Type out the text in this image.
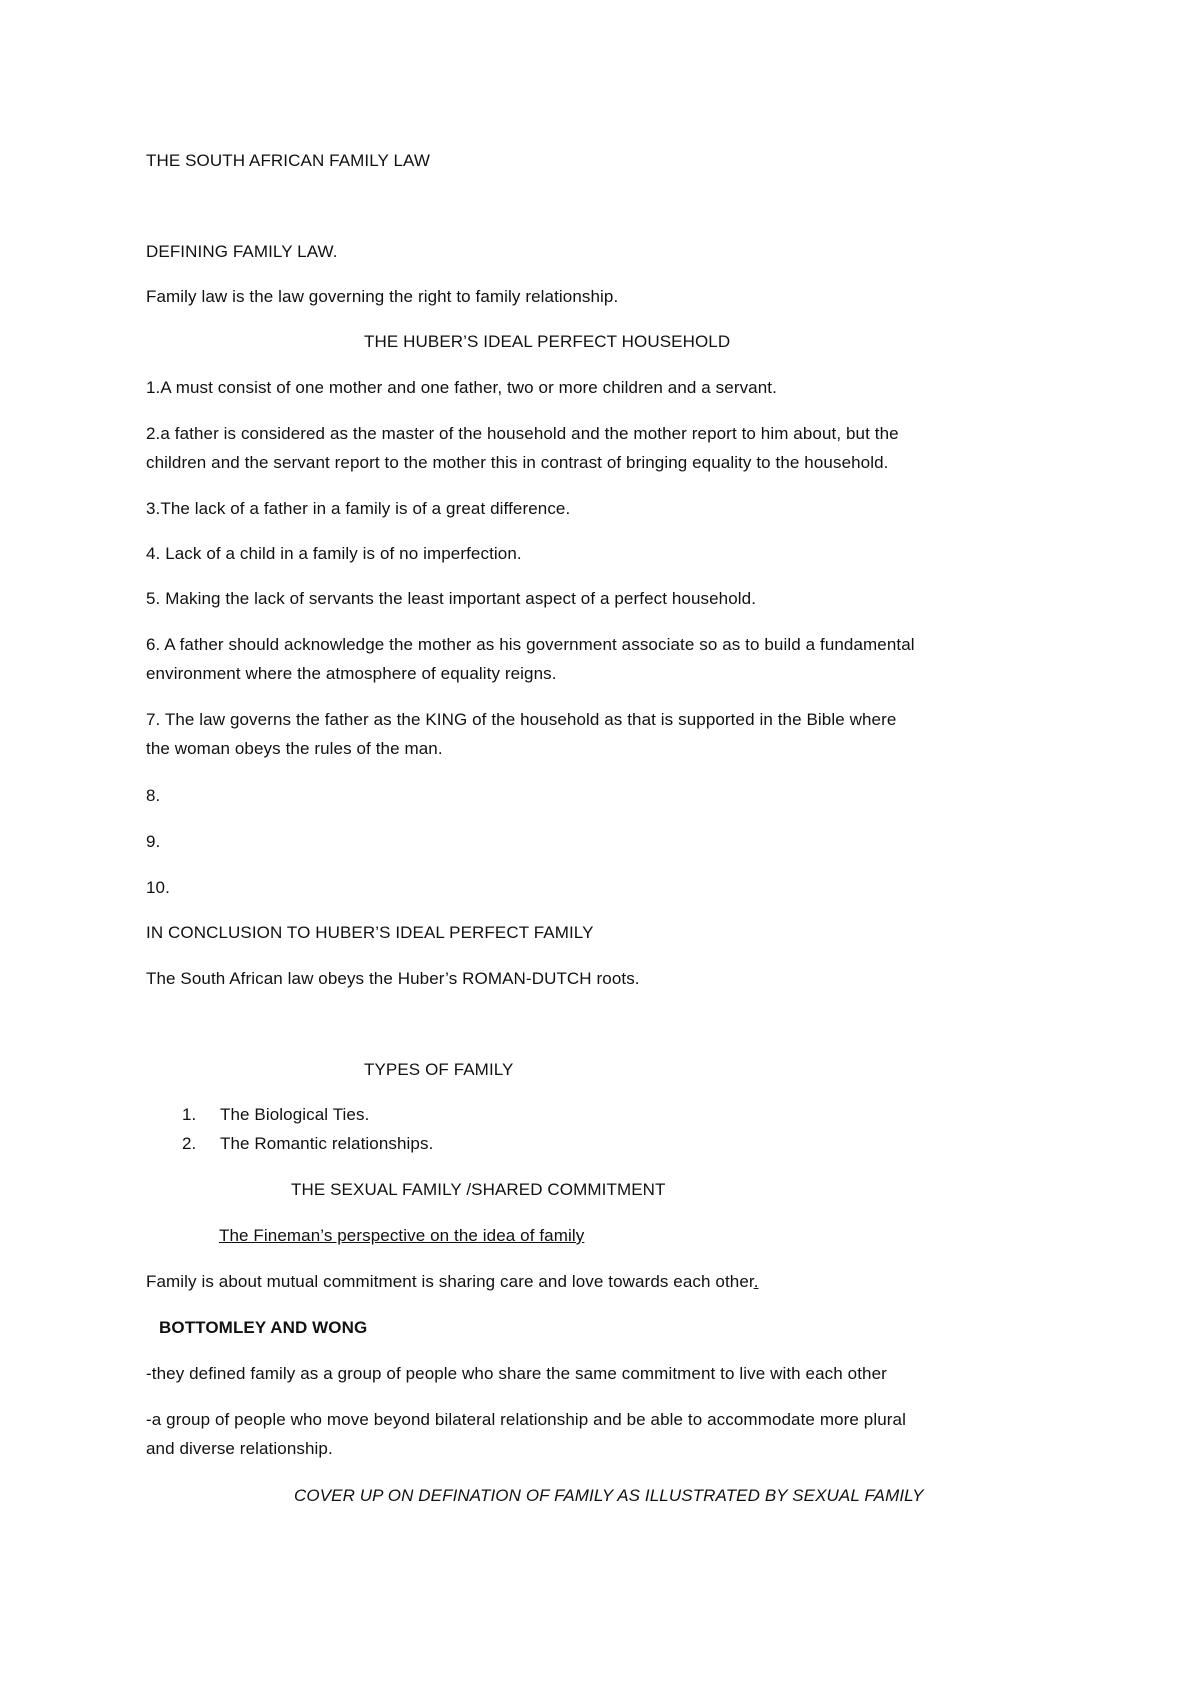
THE SOUTH AFRICAN FAMILY LAW
DEFINING FAMILY LAW.
Family law is the law governing the right to family relationship.
THE HUBER’S IDEAL PERFECT HOUSEHOLD
1.A must consist of one mother and one father, two or more children and a servant.
2.a father is considered as the master of the household and the mother report to him about, but the
children and the servant report to the mother this in contrast of bringing equality to the household.
3.The lack of a father in a family is of a great difference.
4. Lack of a child in a family is of no imperfection.
5. Making the lack of servants the least important aspect of a perfect household.
6. A father should acknowledge the mother as his government associate so as to build a fundamental
environment where the atmosphere of equality reigns.
7. The law governs the father as the KING of the household as that is supported in the Bible where
the woman obeys the rules of the man.
8.
9.
10.
IN CONCLUSION TO HUBER’S IDEAL PERFECT FAMILY
The South African law obeys the Huber’s ROMAN-DUTCH roots.
TYPES OF FAMILY
1. The Biological Ties.
2. The Romantic relationships.
THE SEXUAL FAMILY /SHARED COMMITMENT
The Fineman’s perspective on the idea of family
Family is about mutual commitment is sharing care and love towards each other.
BOTTOMLEY AND WONG
-they defined family as a group of people who share the same commitment to live with each other
-a group of people who move beyond bilateral relationship and be able to accommodate more plural
and diverse relationship.
COVER UP ON DEFINATION OF FAMILY AS ILLUSTRATED BY SEXUAL FAMILY
